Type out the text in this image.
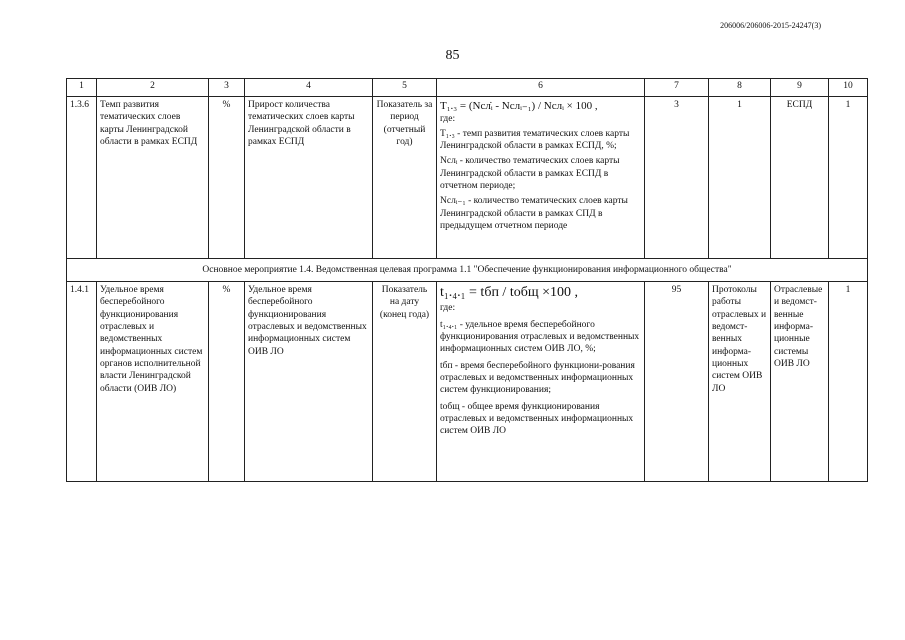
206006/206006-2015-24247(3)
85
1	2	3	4	5	6	7	8	9	10
1.3.6	Темп развития тематических слоев карты Ленинградской области в рамках ЕСПД	%	Прирост количества тематических слоев карты Ленинградской области в рамках ЕСПД	Показатель за период (отчетный год)	T₁.₃ = (Nсл̇ᵢ - Nслᵢ₋₁) / Nслᵢ × 100 ,
где:
T₁.₃ - темп развития тематических слоев карты Ленинградской области в рамках ЕСПД, %;
Nслᵢ - количество тематических слоев карты Ленинградской области в рамках ЕСПД в отчетном периоде;
Nслᵢ₋₁ - количество тематических слоев карты Ленинградской области в рамках СПД в предыдущем отчетном периоде	3	1	ЕСПД	1
Основное мероприятие 1.4. Ведомственная целевая программа 1.1 "Обеспечение функционирования информационного общества"									
1.4.1	Удельное время бесперебойного функционирования отраслевых и ведомственных информационных систем органов исполнительной власти Ленинградской области (ОИВ ЛО)	%	Удельное время бесперебойного функционирования отраслевых и ведомственных информационных систем ОИВ ЛО	Показатель на дату (конец года)	t₁.₄.₁ = tбп / tобщ ×100 ,
где:
t₁.₄.₁ - удельное время бесперебойного функционирования отраслевых и ведомственных информационных систем ОИВ ЛО, %;
tбп - время бесперебойного функциони-рования отраслевых и ведомственных информационных систем функционирования;
tобщ - общее время функционирования отраслевых и ведомственных информационных систем ОИВ ЛО	95	Протоколы работы отраслевых и ведомст-венных информа-ционных систем ОИВ ЛО	Отраслевые и ведомст-венные информа-ционные системы ОИВ ЛО	1
